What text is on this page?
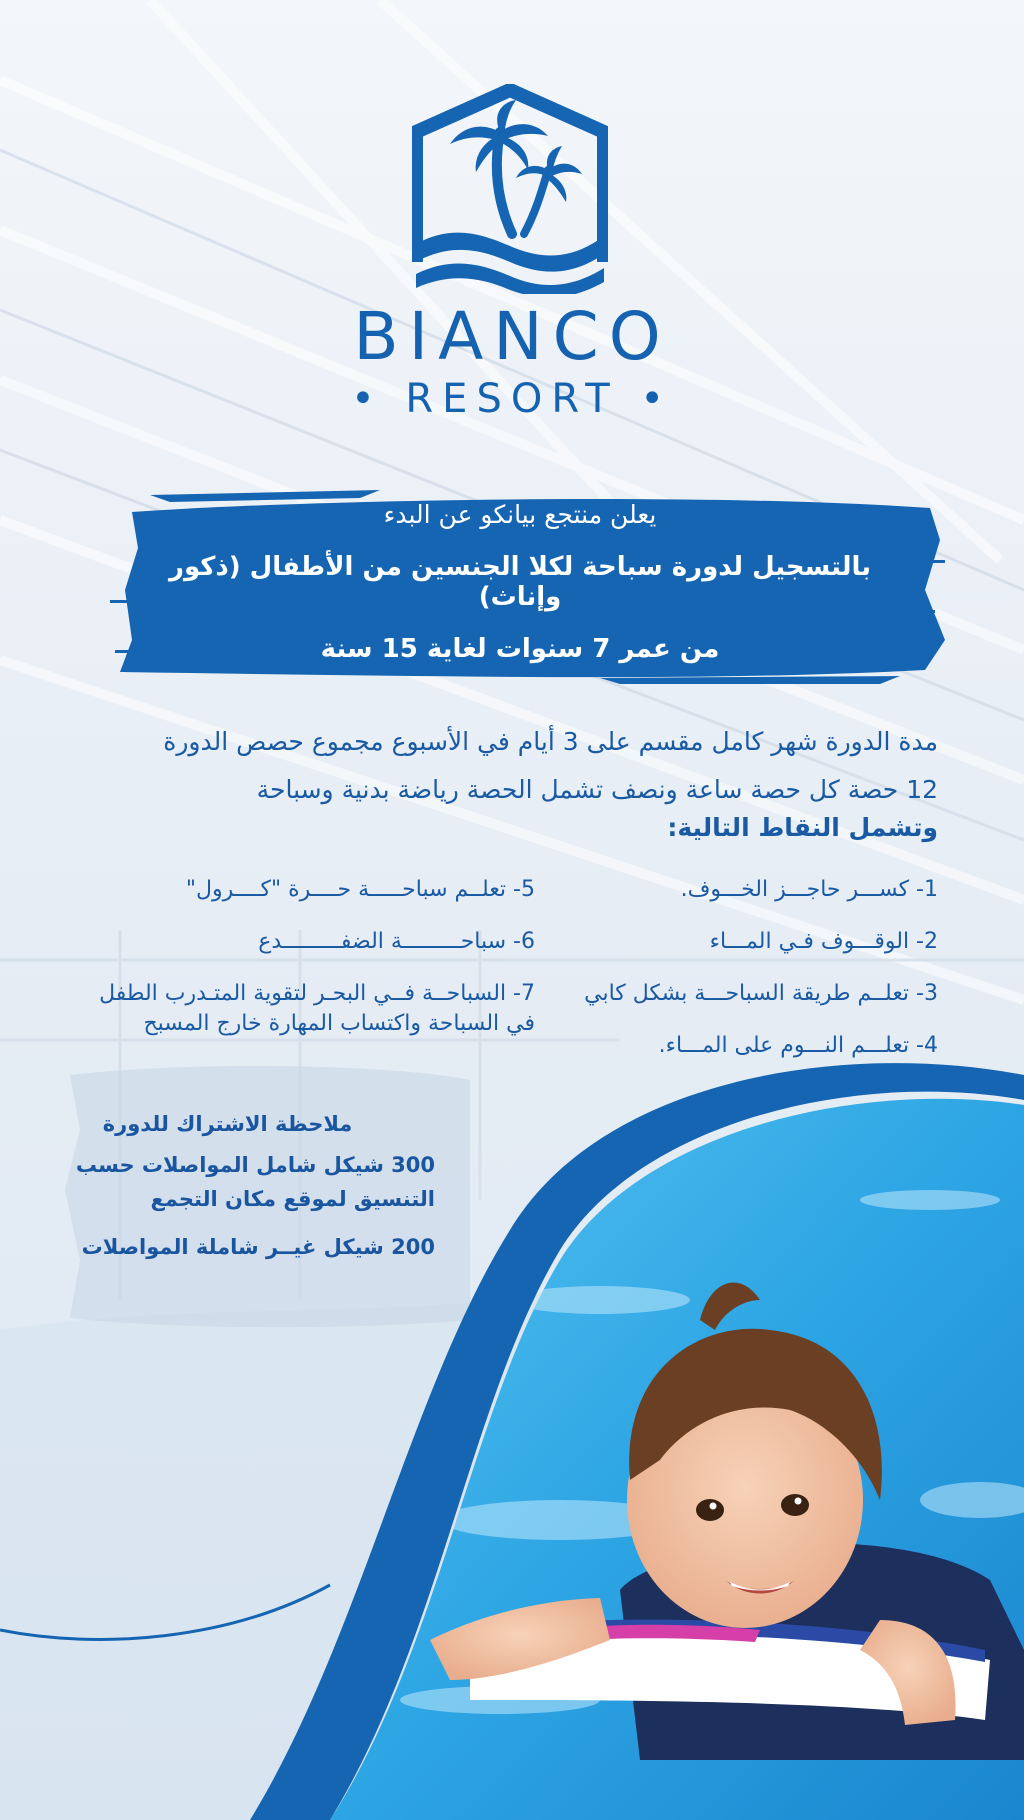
BIANCO
• RESORT •
يعلن منتجع بيانكو عن البدء
بالتسجيل لدورة سباحة لكلا الجنسين من الأطفال (ذكور وإناث)
من عمر 7 سنوات لغاية 15 سنة
مدة الدورة شهر كامل مقسم على 3 أيام في الأسبوع مجموع حصص الدورة
12 حصة كل حصة ساعة ونصف تشمل الحصة رياضة بدنية وسباحة
وتشمل النقاط التالية:
1- كســـر حاجـــز الخـــوف.
2- الوقـــوف فـي المـــاء
3- تعلــم طريقة السباحـــة بشكل كابي
4- تعلـــم النـــوم على المـــاء.
5- تعلــم سباحـــــة حــــرة "كــــرول"
6- سباحـــــــــة الضفـــــــــدع
7- السباحــة فــي البحـر لتقوية المتـدرب الطفل في السباحة واكتساب المهارة خارج المسبح
ملاحظة الاشتراك للدورة
300 شيكل شامل المواصلات حسب التنسيق لموقع مكان التجمع
200 شيكل غيــر شاملة المواصلات
